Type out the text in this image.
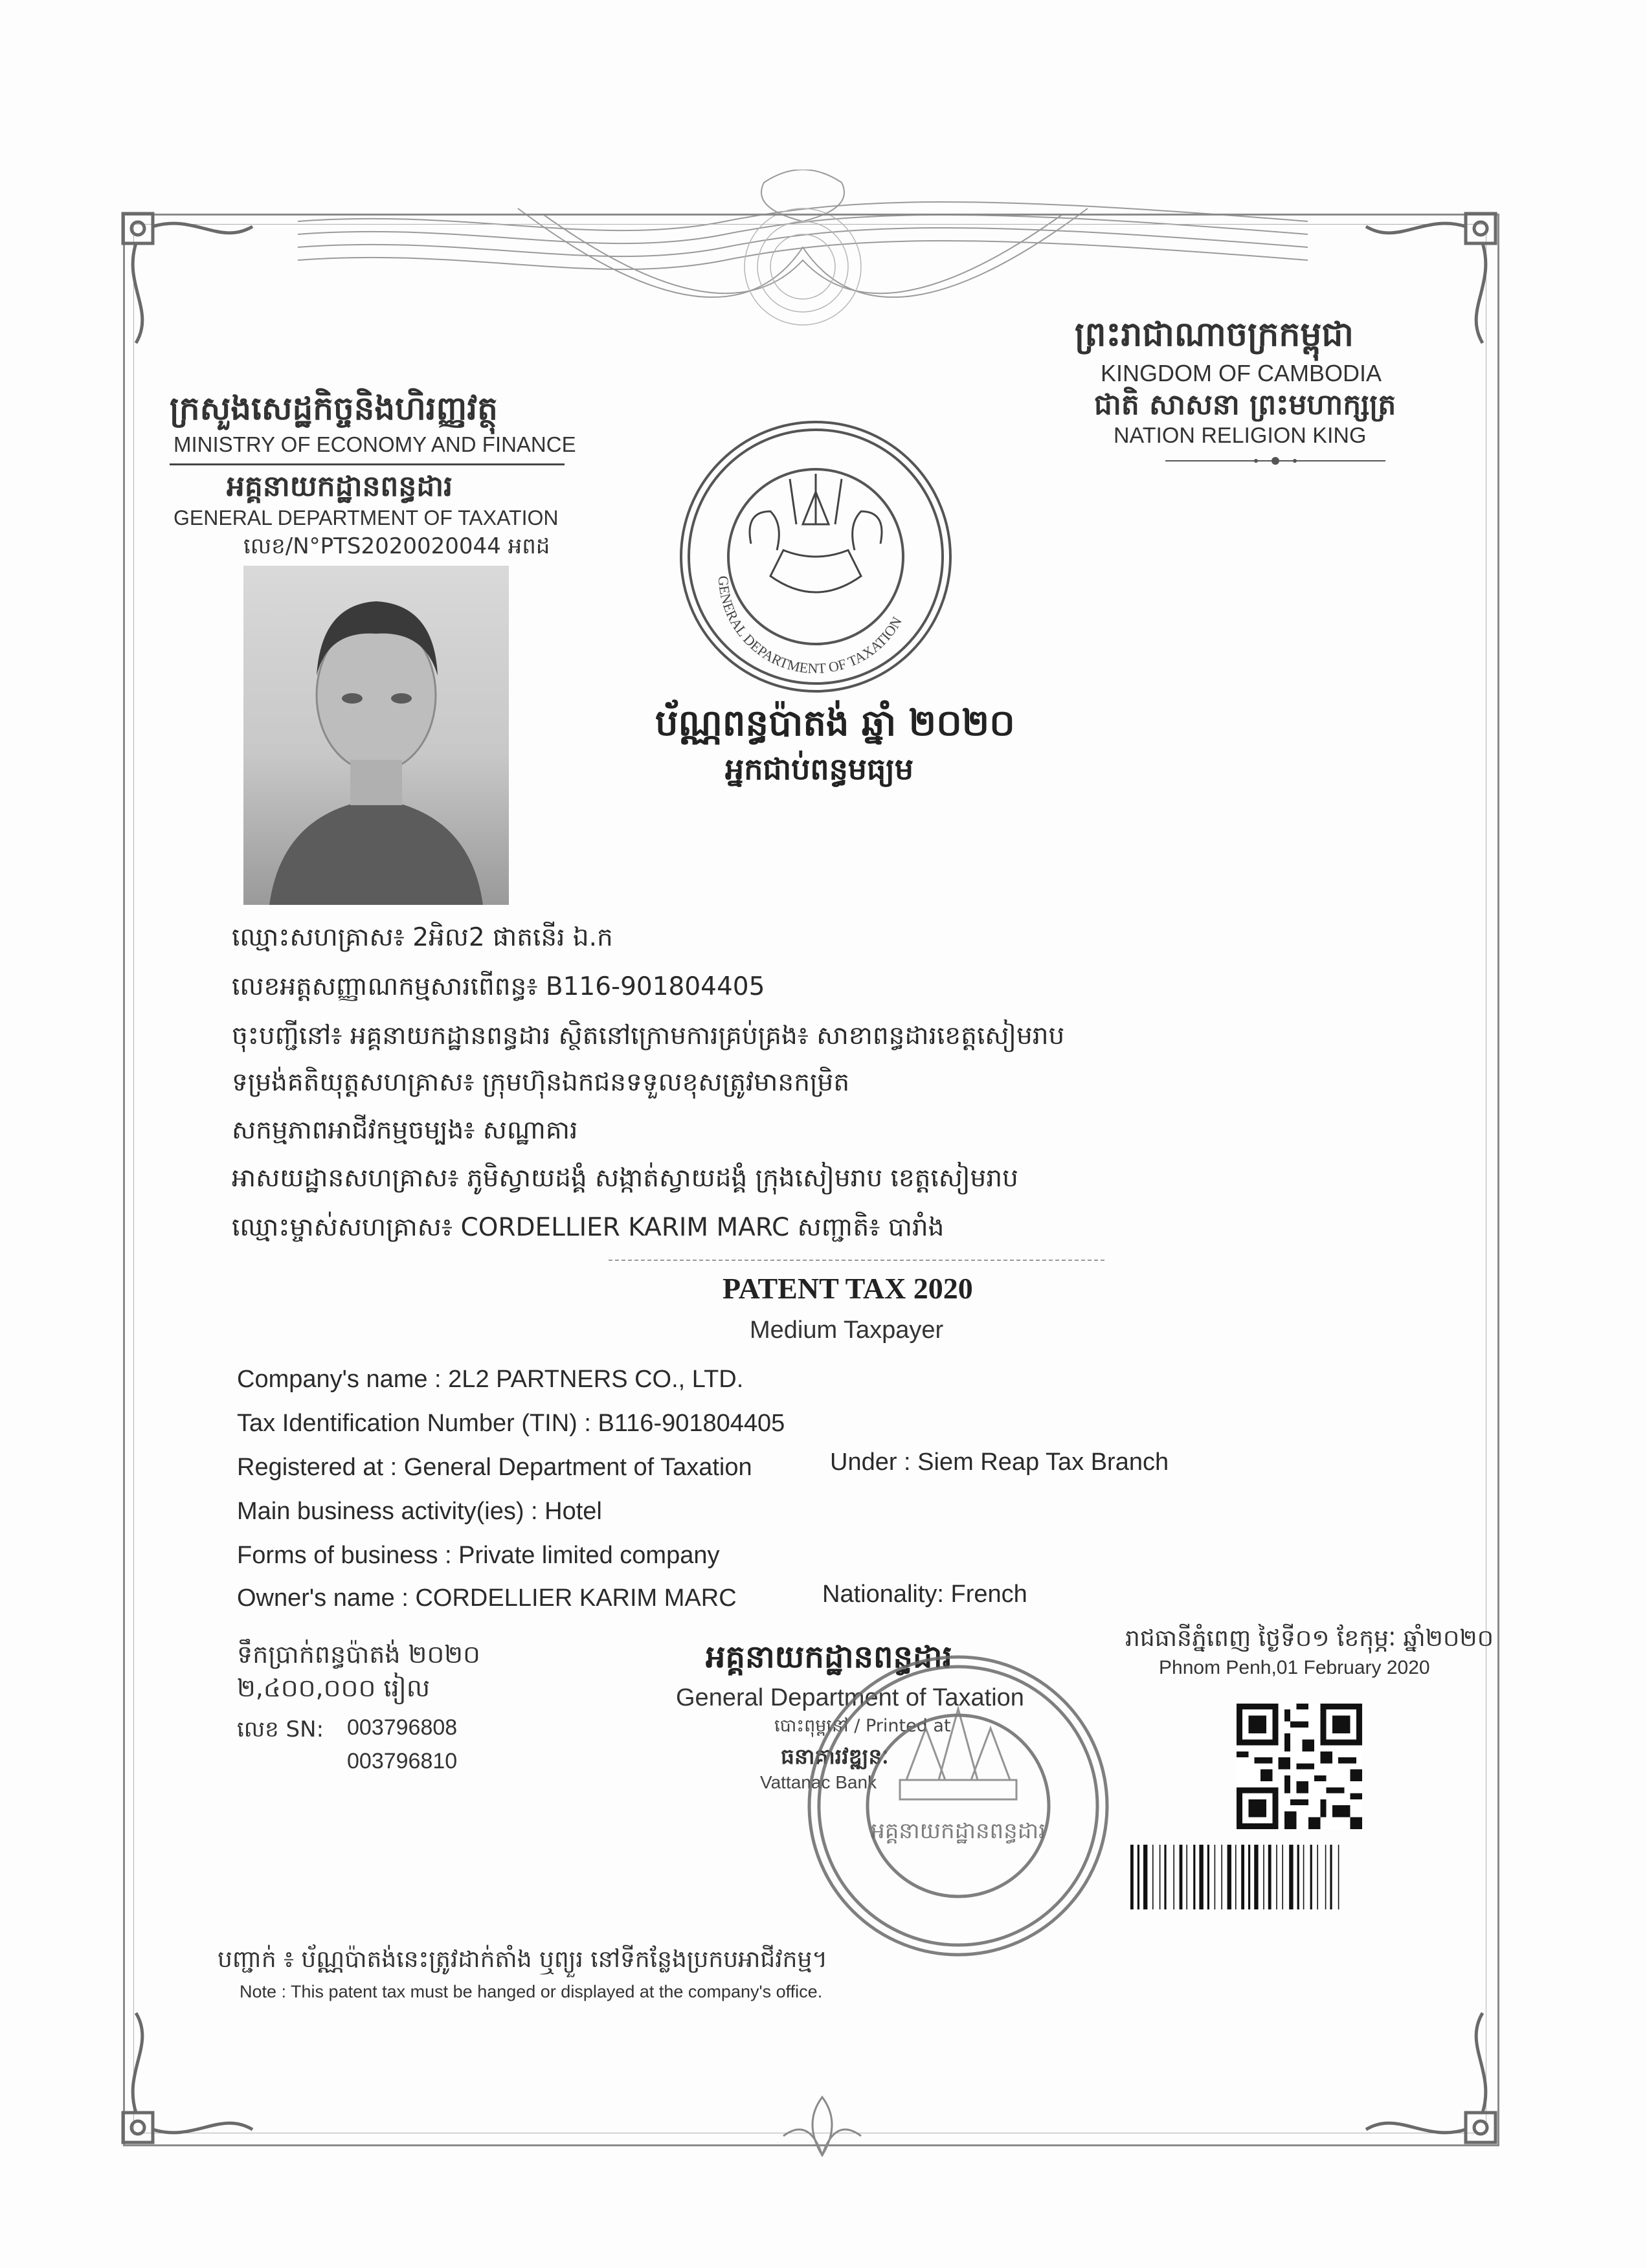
ក្រសួងសេដ្ឋកិច្ចនិងហិរញ្ញវត្ថុ
MINISTRY OF ECONOMY AND FINANCE
អគ្គនាយកដ្ឋានពន្ធដារ
GENERAL DEPARTMENT OF TAXATION
លេខ/N°PTS2020020044 អពដ
ព្រះរាជាណាចក្រកម្ពុជា
KINGDOM OF CAMBODIA
ជាតិ សាសនា ព្រះមហាក្សត្រ
NATION RELIGION KING
GENERAL DEPARTMENT OF TAXATION
ប័ណ្ណពន្ធប៉ាតង់ ឆ្នាំ ២០២០
អ្នកជាប់ពន្ធមធ្យម
ឈ្មោះសហគ្រាស៖ 2អិល2 ផាតនើរ ឯ.ក
លេខអត្តសញ្ញាណកម្មសារពើពន្ធ៖ B116-901804405
ចុះបញ្ជីនៅ៖ អគ្គនាយកដ្ឋានពន្ធដារ ស្ថិតនៅក្រោមការគ្រប់គ្រង៖ សាខាពន្ធដារខេត្តសៀមរាប
ទម្រង់គតិយុត្តសហគ្រាស៖ ក្រុមហ៊ុនឯកជនទទួលខុសត្រូវមានកម្រិត
សកម្មភាពអាជីវកម្មចម្បង៖ សណ្ឋាគារ
អាសយដ្ឋានសហគ្រាស៖ ភូមិស្វាយដង្គំ សង្កាត់ស្វាយដង្គំ ក្រុងសៀមរាប ខេត្តសៀមរាប
ឈ្មោះម្ចាស់សហគ្រាស៖ CORDELLIER KARIM MARC សញ្ជាតិ៖ បារាំង
PATENT TAX 2020
Medium Taxpayer
Company's name : 2L2 PARTNERS CO., LTD.
Tax Identification Number (TIN) : B116-901804405
Registered at : General Department of Taxation	Under : Siem Reap Tax Branch
Main business activity(ies) : Hotel
Forms of business : Private limited company
Owner's name : CORDELLIER KARIM MARC	Nationality: French
ទឹកប្រាក់ពន្ធប៉ាតង់ ២០២០
២,៤០០,០០០ រៀល
លេខ SN: 003796808
003796810
អគ្គនាយកដ្ឋានពន្ធដារ
General Department of Taxation
បោះពុម្ពនៅ / Printed at
ធនាគារវឌ្ឍនៈ
Vattanac Bank
អគ្គនាយកដ្ឋានពន្ធដារ
រាជធានីភ្នំពេញ ថ្ងៃទី០១ ខែកុម្ភៈ ឆ្នាំ២០២០
Phnom Penh,01 February 2020
បញ្ជាក់ ៖ ប័ណ្ណប៉ាតង់នេះត្រូវដាក់តាំង ឬព្យួរ នៅទីកន្លែងប្រកបអាជីវកម្ម។
Note : This patent tax must be hanged or displayed at the company's office.
